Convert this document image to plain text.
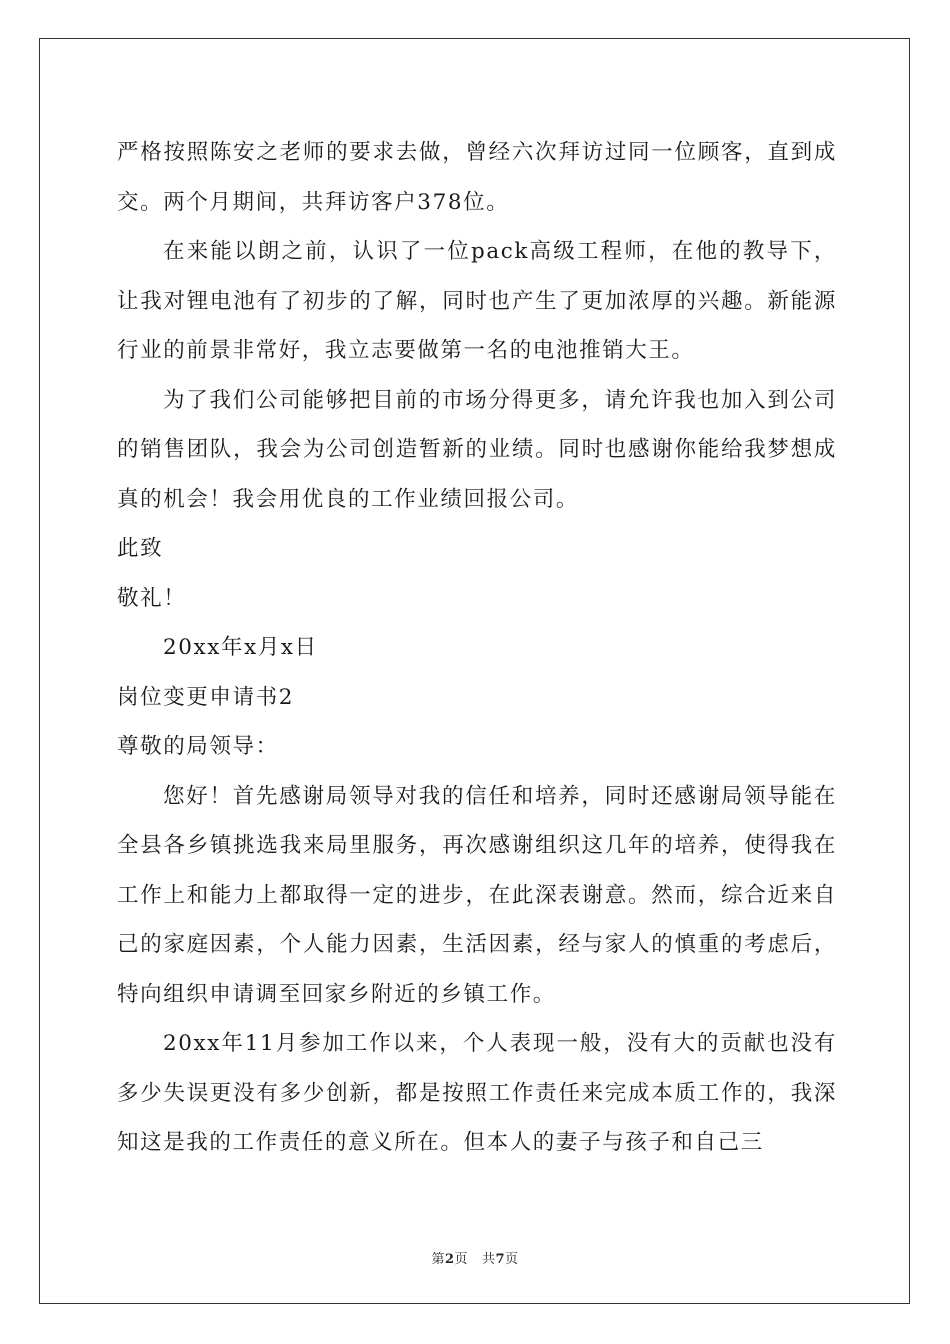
严格按照陈安之老师的要求去做，曾经六次拜访过同一位顾客，直到成交。两个月期间，共拜访客户378位。

在来能以朗之前，认识了一位pack高级工程师，在他的教导下，让我对锂电池有了初步的了解，同时也产生了更加浓厚的兴趣。新能源行业的前景非常好，我立志要做第一名的电池推销大王。

为了我们公司能够把目前的市场分得更多，请允许我也加入到公司的销售团队，我会为公司创造暂新的业绩。同时也感谢你能给我梦想成真的机会！我会用优良的工作业绩回报公司。

此致

敬礼！

20xx年x月x日

岗位变更申请书2

尊敬的局领导：

您好！首先感谢局领导对我的信任和培养，同时还感谢局领导能在全县各乡镇挑选我来局里服务，再次感谢组织这几年的培养，使得我在工作上和能力上都取得一定的进步，在此深表谢意。然而，综合近来自己的家庭因素，个人能力因素，生活因素，经与家人的慎重的考虑后，特向组织申请调至回家乡附近的乡镇工作。

20xx年11月参加工作以来，个人表现一般，没有大的贡献也没有多少失误更没有多少创新，都是按照工作责任来完成本质工作的，我深知这是我的工作责任的意义所在。但本人的妻子与孩子和自己三

第2页 共7页
